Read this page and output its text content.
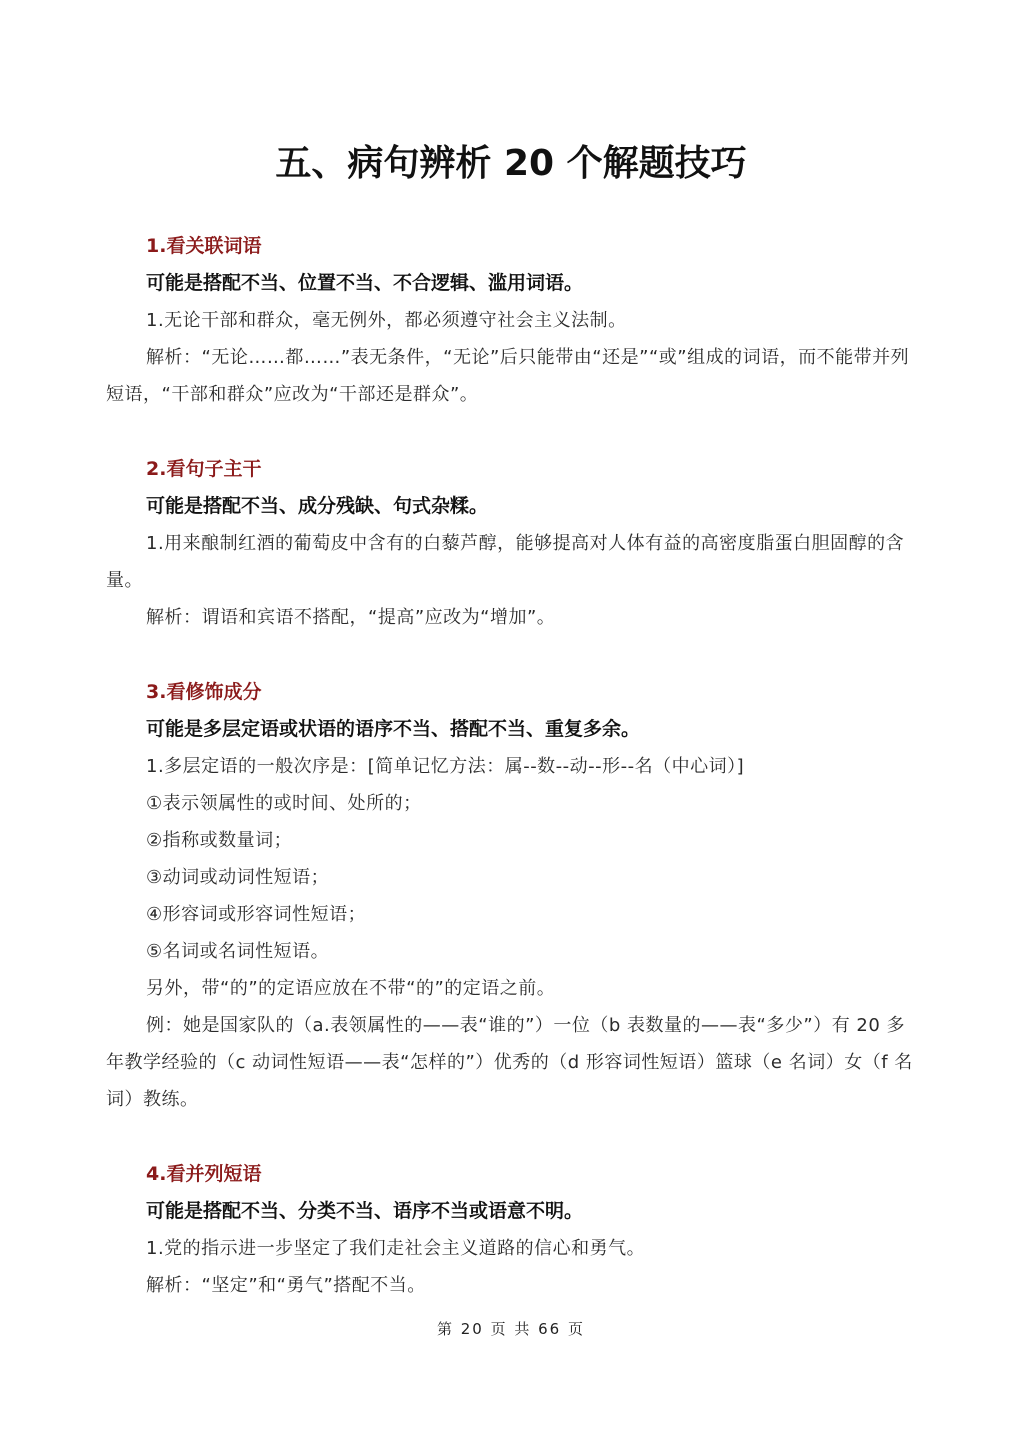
五、病句辨析 20 个解题技巧

1.看关联词语

可能是搭配不当、位置不当、不合逻辑、滥用词语。

1.无论干部和群众，毫无例外，都必须遵守社会主义法制。

解析：“无论……都……”表无条件，“无论”后只能带由“还是”“或”组成的词语，而不能带并列短语，“干部和群众”应改为“干部还是群众”。

2.看句子主干

可能是搭配不当、成分残缺、句式杂糅。

1.用来酿制红酒的葡萄皮中含有的白藜芦醇，能够提高对人体有益的高密度脂蛋白胆固醇的含量。

解析：谓语和宾语不搭配，“提高”应改为“增加”。

3.看修饰成分

可能是多层定语或状语的语序不当、搭配不当、重复多余。

1.多层定语的一般次序是：[简单记忆方法：属--数--动--形--名（中心词）]

①表示领属性的或时间、处所的；

②指称或数量词；

③动词或动词性短语；

④形容词或形容词性短语；

⑤名词或名词性短语。

另外，带“的”的定语应放在不带“的”的定语之前。

例：她是国家队的（a.表领属性的——表“谁的”）一位（b 表数量的——表“多少”）有 20 多年教学经验的（c 动词性短语——表“怎样的”）优秀的（d 形容词性短语）篮球（e 名词）女（f 名词）教练。

4.看并列短语

可能是搭配不当、分类不当、语序不当或语意不明。

1.党的指示进一步坚定了我们走社会主义道路的信心和勇气。

解析：“坚定”和“勇气”搭配不当。

第 20 页 共 66 页
